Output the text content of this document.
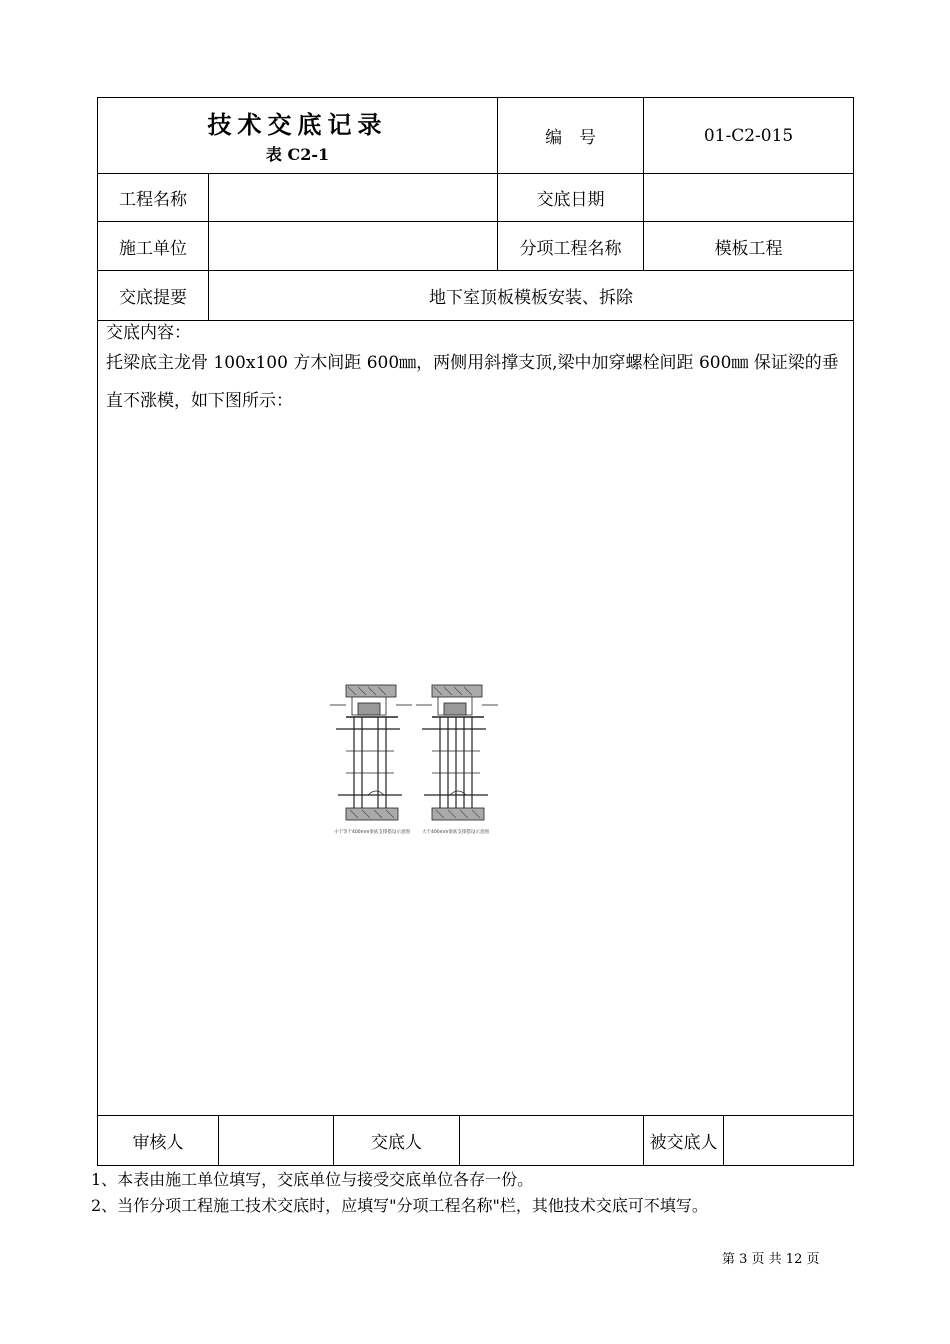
技术交底记录
表 C2-1					编　号	01-C2-015	
工程名称					交底日期		
施工单位					分项工程名称	模板工程	
交底提要	地下室顶板模板安装、拆除						

交底内容：
托梁底主龙骨 100x100 方木间距 600㎜，两侧用斜撑支顶,梁中加穿螺栓间距 600㎜ 保证梁的垂直不涨模，如下图所示：
小于等于400mm梁底支撑搭设示意图 大于400mm梁底支撑搭设示意图							

审核人			交底人			被交底人	
1、本表由施工单位填写，交底单位与接受交底单位各存一份。
2、当作分项工程施工技术交底时，应填写"分项工程名称"栏，其他技术交底可不填写。
第 3 页 共 12 页
